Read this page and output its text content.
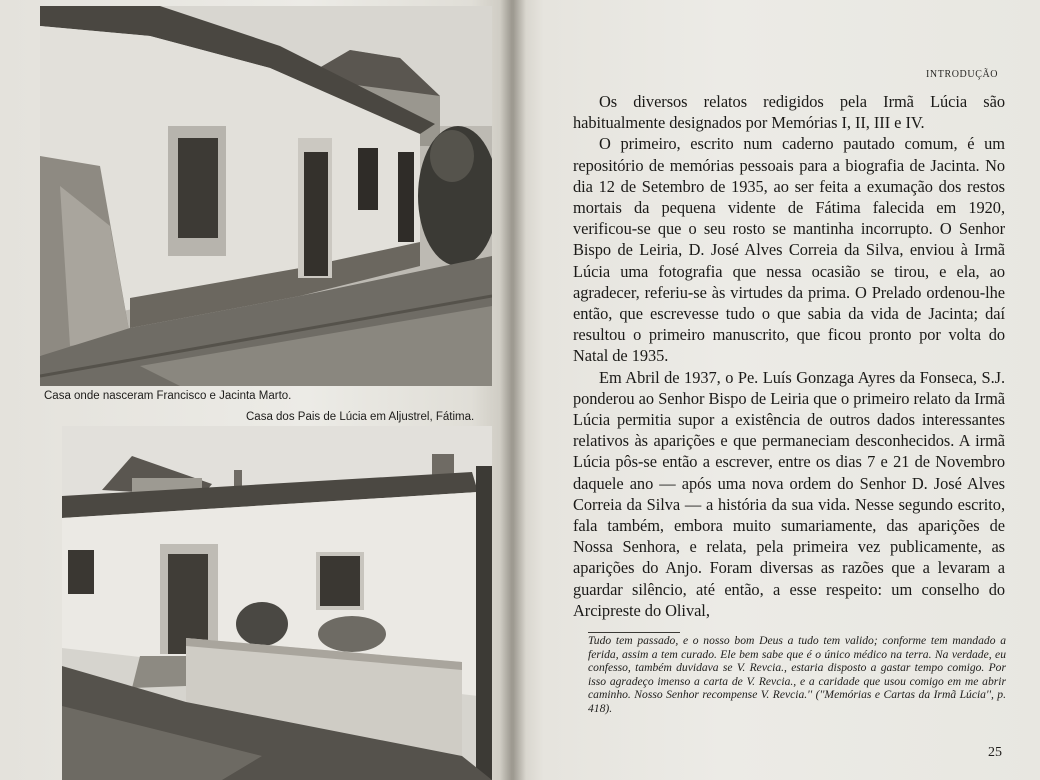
Casa onde nasceram Francisco e Jacinta Marto.
Casa dos Pais de Lúcia em Aljustrel, Fátima.
INTRODUÇÃO

Os diversos relatos redigidos pela Irmã Lúcia são habitualmente designados por Memórias I, II, III e IV.

O primeiro, escrito num caderno pautado comum, é um repositório de memórias pessoais para a biografia de Jacinta. No dia 12 de Setembro de 1935, ao ser feita a exumação dos restos mortais da pequena vidente de Fátima falecida em 1920, verificou-se que o seu rosto se mantinha incorrupto. O Senhor Bispo de Leiria, D. José Alves Correia da Silva, enviou à Irmã Lúcia uma fotografia que nessa ocasião se tirou, e ela, ao agradecer, referiu-se às virtudes da prima. O Prelado ordenou-lhe então, que escrevesse tudo o que sabia da vida de Jacinta; daí resultou o primeiro manuscrito, que ficou pronto por volta do Natal de 1935.

Em Abril de 1937, o Pe. Luís Gonzaga Ayres da Fonseca, S.J. ponderou ao Senhor Bispo de Leiria que o primeiro relato da Irmã Lúcia permitia supor a existência de outros dados interessantes relativos às aparições e que permaneciam desconhecidos. A irmã Lúcia pôs-se então a escrever, entre os dias 7 e 21 de Novembro daquele ano — após uma nova ordem do Senhor D. José Alves Correia da Silva — a história da sua vida. Nesse segundo escrito, fala também, embora muito sumariamente, das aparições de Nossa Senhora, e relata, pela primeira vez publicamente, as aparições do Anjo. Foram diversas as razões que a levaram a guardar silêncio, até então, a esse respeito: um conselho do Arcipreste do Olival,

Tudo tem passado, e o nosso bom Deus a tudo tem valido; conforme tem mandado a ferida, assim a tem curado. Ele bem sabe que é o único médico na terra. Na verdade, eu confesso, também duvidava se V. Revcia., estaria disposto a gastar tempo comigo. Por isso agradeço imenso a carta de V. Revcia., e a caridade que usou comigo em me abrir caminho. Nosso Senhor recompense V. Revcia.'' (''Memórias e Cartas da Irmã Lúcia'', p. 418).
25
